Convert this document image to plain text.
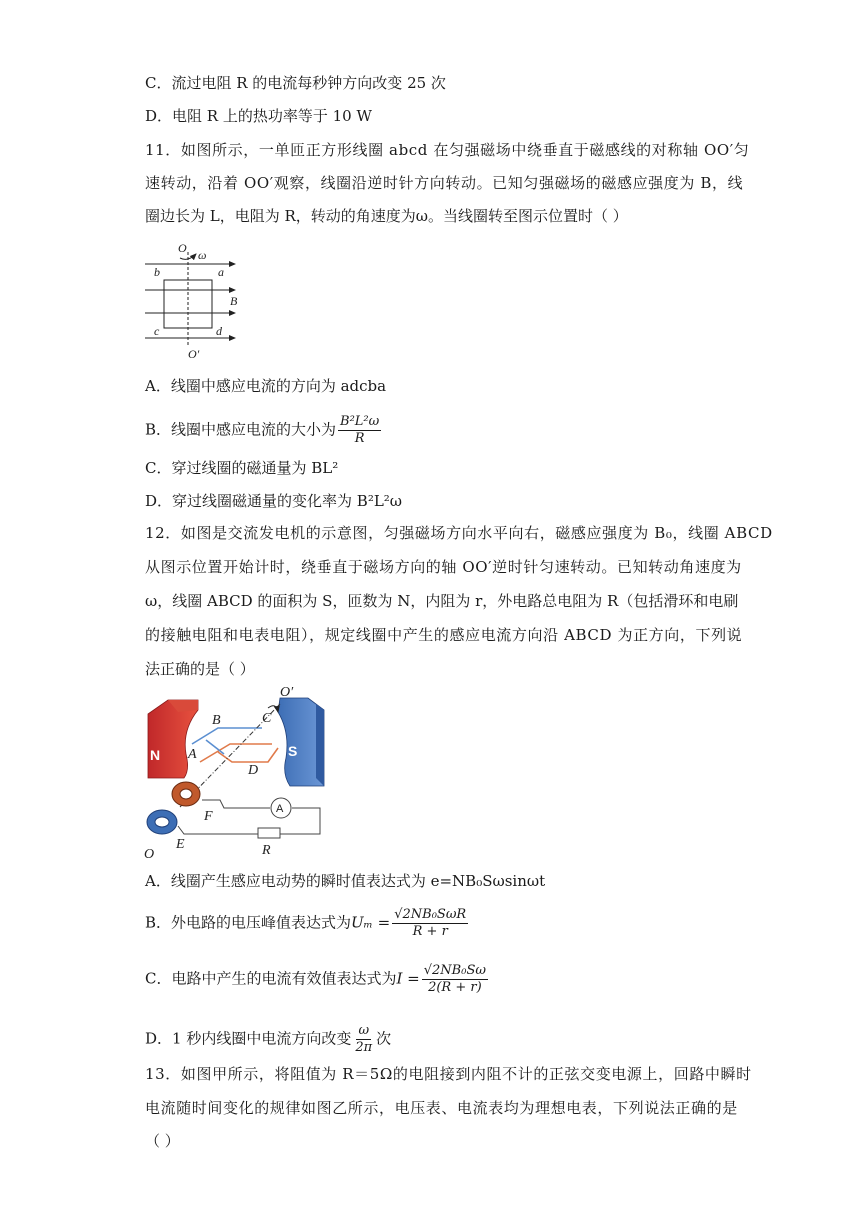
C．流过电阻 R 的电流每秒钟方向改变 25 次
D．电阻 R 上的热功率等于 10 W
11．如图所示，一单匝正方形线圈 abcd 在匀强磁场中绕垂直于磁感线的对称轴 OO′匀
速转动，沿着 OO′观察，线圈沿逆时针方向转动。已知匀强磁场的磁感应强度为 B，线
圈边长为 L，电阻为 R，转动的角速度为ω。当线圈转至图示位置时（ ）
O ω
b	a
B
c	d
O′
A．线圈中感应电流的方向为 adcba
B．线圈中感应电流的大小为 $\frac{\text{B²L²ω}}{R}$
C．穿过线圈的磁通量为 BL²
D．穿过线圈磁通量的变化率为 B²L²ω
12．如图是交流发电机的示意图，匀强磁场方向水平向右，磁感应强度为 B₀，线圈 ABCD
从图示位置开始计时，绕垂直于磁场方向的轴 OO′逆时针匀速转动。已知转动角速度为
ω，线圈 ABCD 的面积为 S，匝数为 N，内阻为 r，外电路总电阻为 R（包括滑环和电刷
的接触电阻和电表电阻），规定线圈中产生的感应电流方向沿 ABCD 为正方向，下列说
法正确的是（ ）
N	S
A
B	C
A
D
F
E	R
O
O′
A．线圈产生感应电动势的瞬时值表达式为 e=NB₀Sωsinωt
B．外电路的电压峰值表达式为$U_m = \frac{\text{√2NB₀SωR}}{R + r}$
C．电路中产生的电流有效值表达式为$I = \frac{\text{√2NB₀Sω}}{2(R + r)}$
D．1 秒内线圈中电流方向改变 $\frac{\omega}{2\pi}$ 次
13．如图甲所示，将阻值为 R＝5Ω的电阻接到内阻不计的正弦交变电源上，回路中瞬时
电流随时间变化的规律如图乙所示，电压表、电流表均为理想电表，下列说法正确的是
（ ）
